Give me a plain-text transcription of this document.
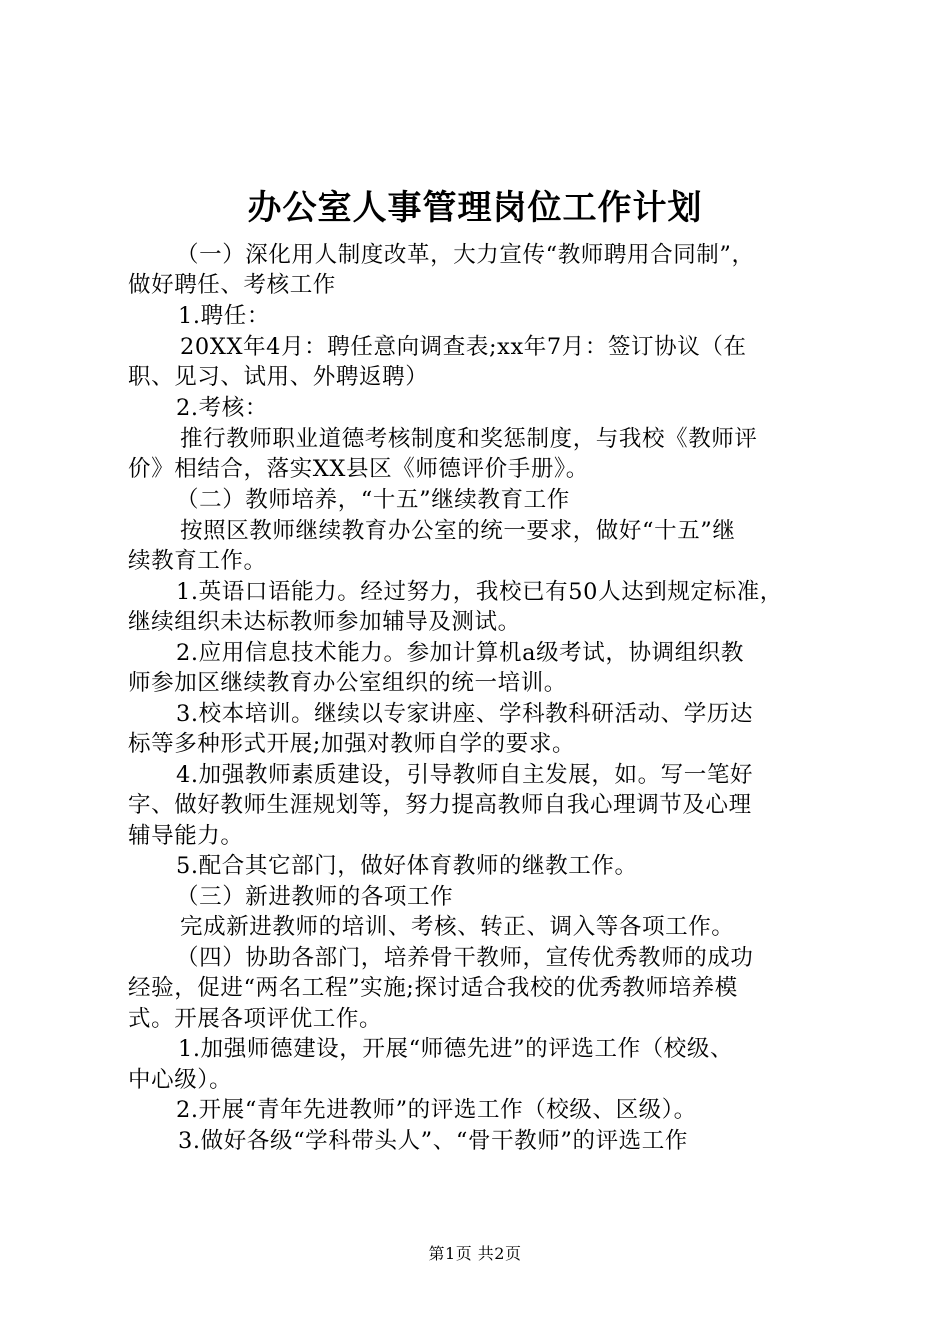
办公室人事管理岗位工作计划
（一）深化用人制度改革，大力宣传“教师聘用合同制”，
做好聘任、考核工作
1.聘任：
20XX年4月：聘任意向调查表;xx年7月：签订协议（在
职、见习、试用、外聘返聘）
2.考核：
推行教师职业道德考核制度和奖惩制度，与我校《教师评
价》相结合，落实XX县区《师德评价手册》。
（二）教师培养，“十五”继续教育工作
按照区教师继续教育办公室的统一要求，做好“十五”继
续教育工作。
1.英语口语能力。经过努力，我校已有50人达到规定标准，
继续组织未达标教师参加辅导及测试。
2.应用信息技术能力。参加计算机a级考试，协调组织教
师参加区继续教育办公室组织的统一培训。
3.校本培训。继续以专家讲座、学科教科研活动、学历达
标等多种形式开展;加强对教师自学的要求。
4.加强教师素质建设，引导教师自主发展，如。写一笔好
字、做好教师生涯规划等，努力提高教师自我心理调节及心理
辅导能力。
5.配合其它部门，做好体育教师的继教工作。
（三）新进教师的各项工作
完成新进教师的培训、考核、转正、调入等各项工作。
（四）协助各部门，培养骨干教师，宣传优秀教师的成功
经验，促进“两名工程”实施;探讨适合我校的优秀教师培养模
式。开展各项评优工作。
1.加强师德建设，开展“师德先进”的评选工作（校级、
中心级）。
2.开展“青年先进教师”的评选工作（校级、区级）。
3.做好各级“学科带头人”、“骨干教师”的评选工作
第1页 共2页
